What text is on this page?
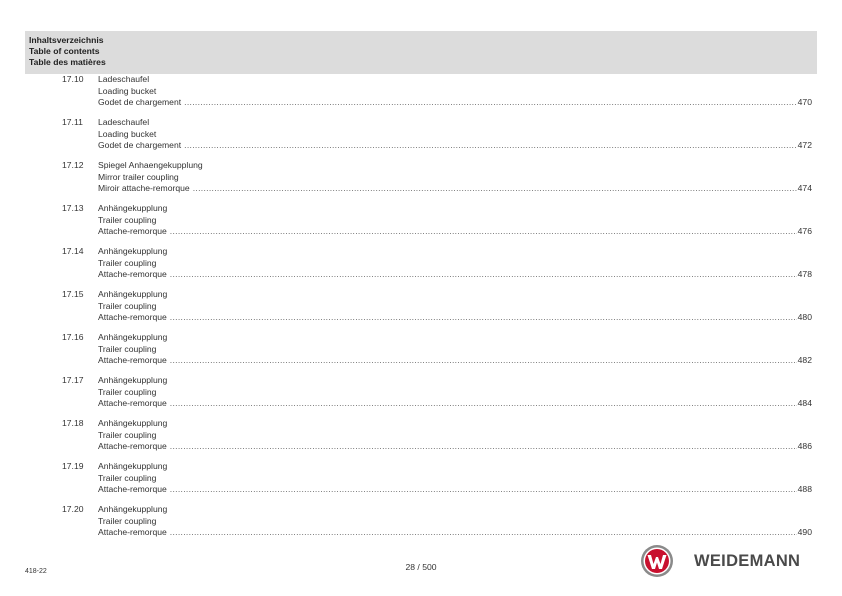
Inhaltsverzeichnis
Table of contents
Table des matières
17.10	Ladeschaufel
Loading bucket
Godet de chargement .....	470
17.11	Ladeschaufel
Loading bucket
Godet de chargement .....	472
17.12	Spiegel Anhaengekupplung
Mirror trailer coupling
Miroir attache-remorque .....	474
17.13	Anhängekupplung
Trailer coupling
Attache-remorque .....	476
17.14	Anhängekupplung
Trailer coupling
Attache-remorque .....	478
17.15	Anhängekupplung
Trailer coupling
Attache-remorque .....	480
17.16	Anhängekupplung
Trailer coupling
Attache-remorque .....	482
17.17	Anhängekupplung
Trailer coupling
Attache-remorque .....	484
17.18	Anhängekupplung
Trailer coupling
Attache-remorque .....	486
17.19	Anhängekupplung
Trailer coupling
Attache-remorque .....	488
17.20	Anhängekupplung
Trailer coupling
Attache-remorque .....	490
418-22	28 / 500	WEIDEMANN
